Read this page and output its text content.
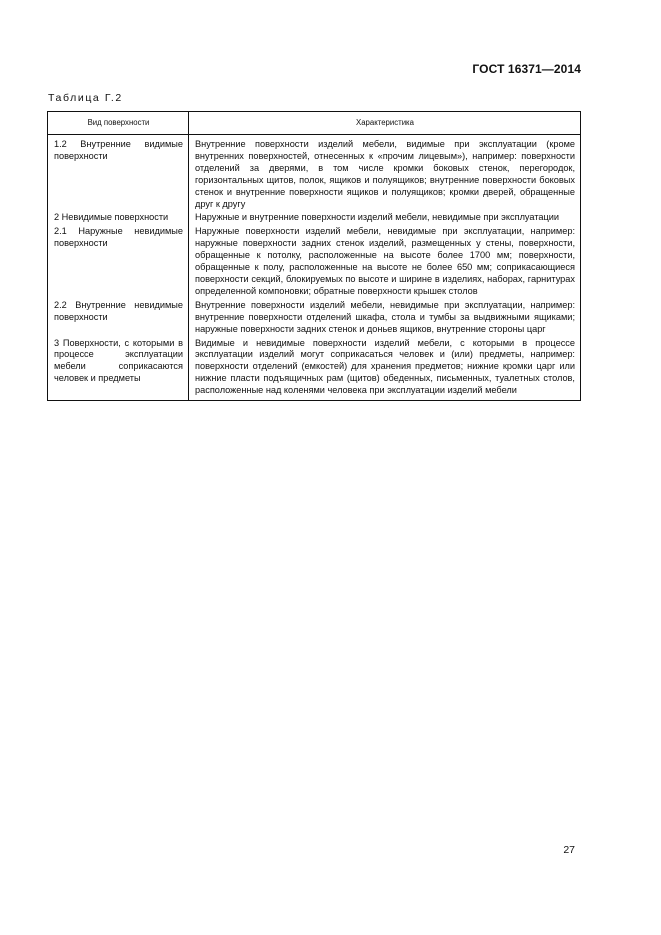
ГОСТ 16371—2014
Таблица Г.2
Вид поверхности	Характеристика
1.2 Внутренние видимые поверхности	Внутренние поверхности изделий мебели, видимые при эксплуатации (кроме внутренних поверхностей, отнесенных к «прочим лицевым»), например: поверхности отделений за дверями, в том числе кромки боковых стенок, перегородок, горизонтальных щитов, полок, ящиков и полуящиков; внутренние поверхности боковых стенок и внутренние поверхности ящиков и полуящиков; кромки дверей, обращенные друг к другу
2 Невидимые поверхности	Наружные и внутренние поверхности изделий мебели, невидимые при эксплуатации
2.1 Наружные невидимые поверхности	Наружные поверхности изделий мебели, невидимые при эксплуатации, например: наружные поверхности задних стенок изделий, размещенных у стены, поверхности, обращенные к потолку, расположенные на высоте более 1700 мм; поверхности, обращенные к полу, расположенные на высоте не более 650 мм; соприкасающиеся поверхности секций, блокируемых по высоте и ширине в изделиях, наборах, гарнитурах определенной компоновки; обратные поверхности крышек столов
2.2 Внутренние невидимые поверхности	Внутренние поверхности изделий мебели, невидимые при эксплуатации, например: внутренние поверхности отделений шкафа, стола и тумбы за выдвижными ящиками; наружные поверхности задних стенок и доньев ящиков, внутренние стороны царг
3 Поверхности, с которыми в процессе эксплуатации мебели соприкасаются человек и предметы	Видимые и невидимые поверхности изделий мебели, с которыми в процессе эксплуатации изделий могут соприкасаться человек и (или) предметы, например: поверхности отделений (емкостей) для хранения предметов; нижние кромки царг или нижние пласти подъящичных рам (щитов) обеденных, письменных, туалетных столов, расположенные над коленями человека при эксплуатации изделий мебели
27
